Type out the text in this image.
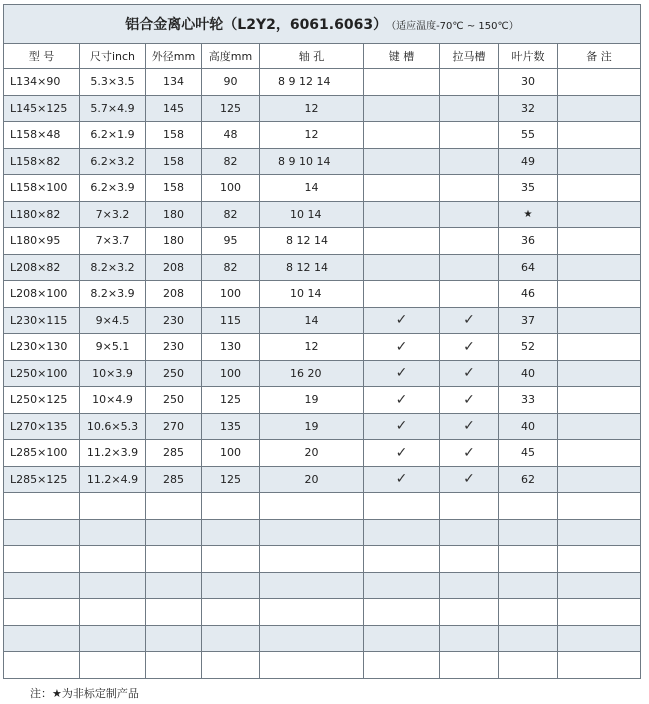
铝合金离心叶轮（L2Y2，6061.6063） （适应温度-70℃ ~ 150℃）								
型 号	尺寸inch	外径mm	高度mm	轴 孔	键 槽	拉马槽	叶片数	备 注
L134×90	5.3×3.5	134	90	8 9 12 14			30	
L145×125	5.7×4.9	145	125	12			32	
L158×48	6.2×1.9	158	48	12			55	
L158×82	6.2×3.2	158	82	8 9 10 14			49	
L158×100	6.2×3.9	158	100	14			35	
L180×82	7×3.2	180	82	10 14			★	
L180×95	7×3.7	180	95	8 12 14			36	
L208×82	8.2×3.2	208	82	8 12 14			64	
L208×100	8.2×3.9	208	100	10 14			46	
L230×115	9×4.5	230	115	14	✓	✓	37	
L230×130	9×5.1	230	130	12	✓	✓	52	
L250×100	10×3.9	250	100	16 20	✓	✓	40	
L250×125	10×4.9	250	125	19	✓	✓	33	
L270×135	10.6×5.3	270	135	19	✓	✓	40	
L285×100	11.2×3.9	285	100	20	✓	✓	45	
L285×125	11.2×4.9	285	125	20	✓	✓	62	

注：★为非标定制产品
